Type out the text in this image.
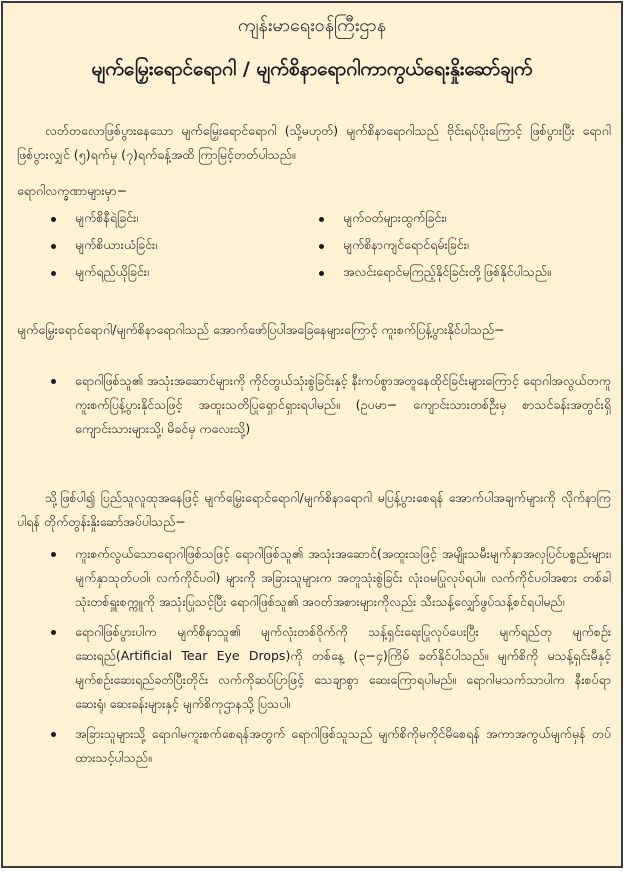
ကျန်းမာရေးဝန်ကြီးဌာန
မျက်မြှေးရောင်ရောဂါ / မျက်စိနာရောဂါကာကွယ်ရေးနှိုးဆော်ချက်
လတ်တလောဖြစ်ပွားနေသော မျက်မြှေးရောင်ရောဂါ (သို့မဟုတ်) မျက်စိနာရောဂါသည် ဗိုင်းရပ်ပိုးကြောင့် ဖြစ်ပွားပြီး ရောဂါဖြစ်ပွားလျှင် (၅)ရက်မှ (၇)ရက်ခန့်အထိ ကြာမြင့်တတ်ပါသည်။
ရောဂါလက္ခဏာများမှာ−
မျက်စိနီရဲခြင်း၊	မျက်ဝတ်များထွက်ခြင်း၊
မျက်စိယားယံခြင်း၊	မျက်စိနာကျင်ရောင်ရမ်းခြင်း၊
မျက်ရည်ယိုခြင်း၊	အလင်းရောင်မကြည့်နိုင်ခြင်းတို့ဖြစ်နိုင်ပါသည်။
မျက်မြှေးရောင်ရောဂါ/မျက်စိနာရောဂါသည် အောက်ဖော်ပြပါအခြေနေများကြောင့် ကူးစက်ပြန့်ပွားနိုင်ပါသည်−
ရောဂါဖြစ်သူ၏ အသုံးအဆောင်များကို ကိုင်တွယ်သုံးစွဲခြင်းနှင့် နီးကပ်စွာအတူနေထိုင်ခြင်းများကြောင့် ရောဂါအလွယ်တကူ ကူးစက်ပြန့်ပွားနိုင်သဖြင့် အထူးသတိပြုရှောင်ရှားရပါမည်။ (ဥပမာ− ကျောင်းသားတစ်ဦးမှ စာသင်ခန်းအတွင်းရှိ ကျောင်းသားများသို့၊ မိခင်မှ ကလေးသို့)
သို့ဖြစ်ပါ၍ ပြည်သူလူထုအနေဖြင့် မျက်မြှေးရောင်ရောဂါ/မျက်စိနာရောဂါ မပြန့်ပွားစေရန် အောက်ပါအချက်များကို လိုက်နာကြပါရန် တိုက်တွန်းနှိုးဆော်အပ်ပါသည်−
ကူးစက်လွယ်သောရောဂါဖြစ်သဖြင့် ရောဂါဖြစ်သူ၏ အသုံးအဆောင်(အထူးသဖြင့် အမျိုးသမီးမျက်နှာအလှပြင်ပစ္စည်းများ၊ မျက်နှာသုတ်ပဝါ၊ လက်ကိုင်ပဝါ) များကို အခြားသူများက အတူသုံးစွဲခြင်း လုံးဝမပြုလုပ်ရပါ။ လက်ကိုင်ပဝါအစား တစ်ခါသုံးတစ်ရှူးစက္ကူကို အသုံးပြုသင့်ပြီး ရောဂါဖြစ်သူ၏ အဝတ်အစားများကိုလည်း သီးသန့်လျှော်ဖွပ်သန့်စင်ရပါမည်၊
ရောဂါဖြစ်ပွားပါက မျက်စိနာသူ၏ မျက်လုံးတစ်ဝိုက်ကို သန့်ရှင်းရေးပြုလုပ်ပေးပြီး မျက်ရည်တု မျက်စဉ်းဆေးရည်(Artificial Tear Eye Drops)ကို တစ်နေ့ (၃−၄)ကြိမ် ခတ်နိုင်ပါသည်။ မျက်စိကို မသန့်ရှင်းမီနှင့် မျက်စဉ်းဆေးရည်ခတ်ပြီးတိုင်း လက်ကိုဆပ်ပြာဖြင့် သေချာစွာ ဆေးကြောရပါမည်။ ရောဂါမသက်သာပါက နီးစပ်ရာဆေးရုံ၊ ဆေးခန်းများနှင့် မျက်စိကုဌာနသို့ ပြသပါ၊
အခြားသူများသို့ ရောဂါမကူးစက်စေရန်အတွက် ရောဂါဖြစ်သူသည် မျက်စိကိုမကိုင်မိစေရန် အကာအကွယ်မျက်မှန် တပ်ထားသင့်ပါသည်။
